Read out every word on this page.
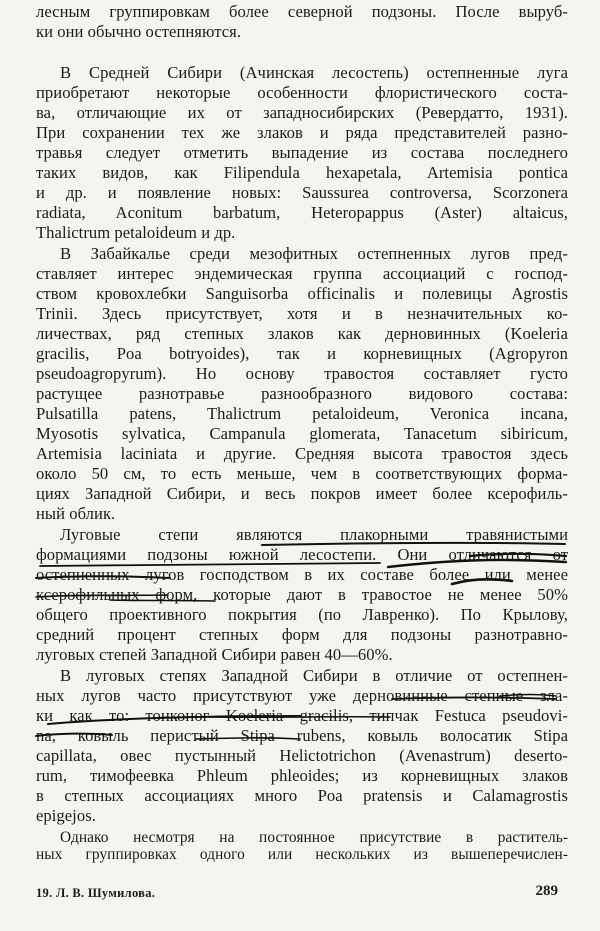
лесным группировкам более северной подзоны. После выруб-
ки они обычно остепняются.
В Средней Сибири (Ачинская лесостепь) остепненные луга
приобретают некоторые особенности флористического соста-
ва, отличающие их от западносибирских (Ревердатто, 1931).
При сохранении тех же злаков и ряда представителей разно-
травья следует отметить выпадение из состава последнего
таких видов, как Filipendula hexapetala, Artemisia pontica
и др. и появление новых: Saussurea controversa, Scorzonera
radiata, Aconitum barbatum, Heteropappus (Aster) altaicus,
Thalictrum petaloideum и др.
В Забайкалье среди мезофитных остепненных лугов пред-
ставляет интерес эндемическая группа ассоциаций с господ-
ством кровохлебки Sanguisorba officinalis и полевицы Agrostis
Trinii. Здесь присутствует, хотя и в незначительных ко-
личествах, ряд степных злаков как дерновинных (Koeleria
gracilis, Poa botryoides), так и корневищных (Agropyron
pseudoagropyrum). Но основу травостоя составляет густо
растущее разнотравье разнообразного видового состава:
Pulsatilla patens, Thalictrum petaloideum, Veronica incana,
Myosotis sylvatica, Campanula glomerata, Tanacetum sibiricum,
Artemisia laciniata и другие. Средняя высота травостоя здесь
около 50 см, то есть меньше, чем в соответствующих форма-
циях Западной Сибири, и весь покров имеет более ксерофиль-
ный облик.
Луговые степи являются плакорными травянистыми
формациями подзоны южной лесостепи. Они отличаются от
остепненных лугов господством в их составе более или менее
ксерофильных форм, которые дают в травостое не менее 50%
общего проективного покрытия (по Лавренко). По Крылову,
средний процент степных форм для подзоны разнотравно-
луговых степей Западной Сибири равен 40—60%.
В луговых степях Западной Сибири в отличие от остепнен-
ных лугов часто присутствуют уже дерновинные степные зла-
ки как то: тонконог Koeleria gracilis, типчак Festuca pseudovi-
na, ковыль перистый Stipa rubens, ковыль волосатик Stipa
capillata, овес пустынный Helictotrichon (Avenastrum) desertо-
rum, тимофеевка Phleum phleoides; из корневищных злаков
в степных ассоциациях много Poa pratensis и Calamagrostis
epigejos.
Однако несмотря на постоянное присутствие в раститель-
ных группировках одного или нескольких из вышеперечислен-
19. Л. В. Шумилова.	289
